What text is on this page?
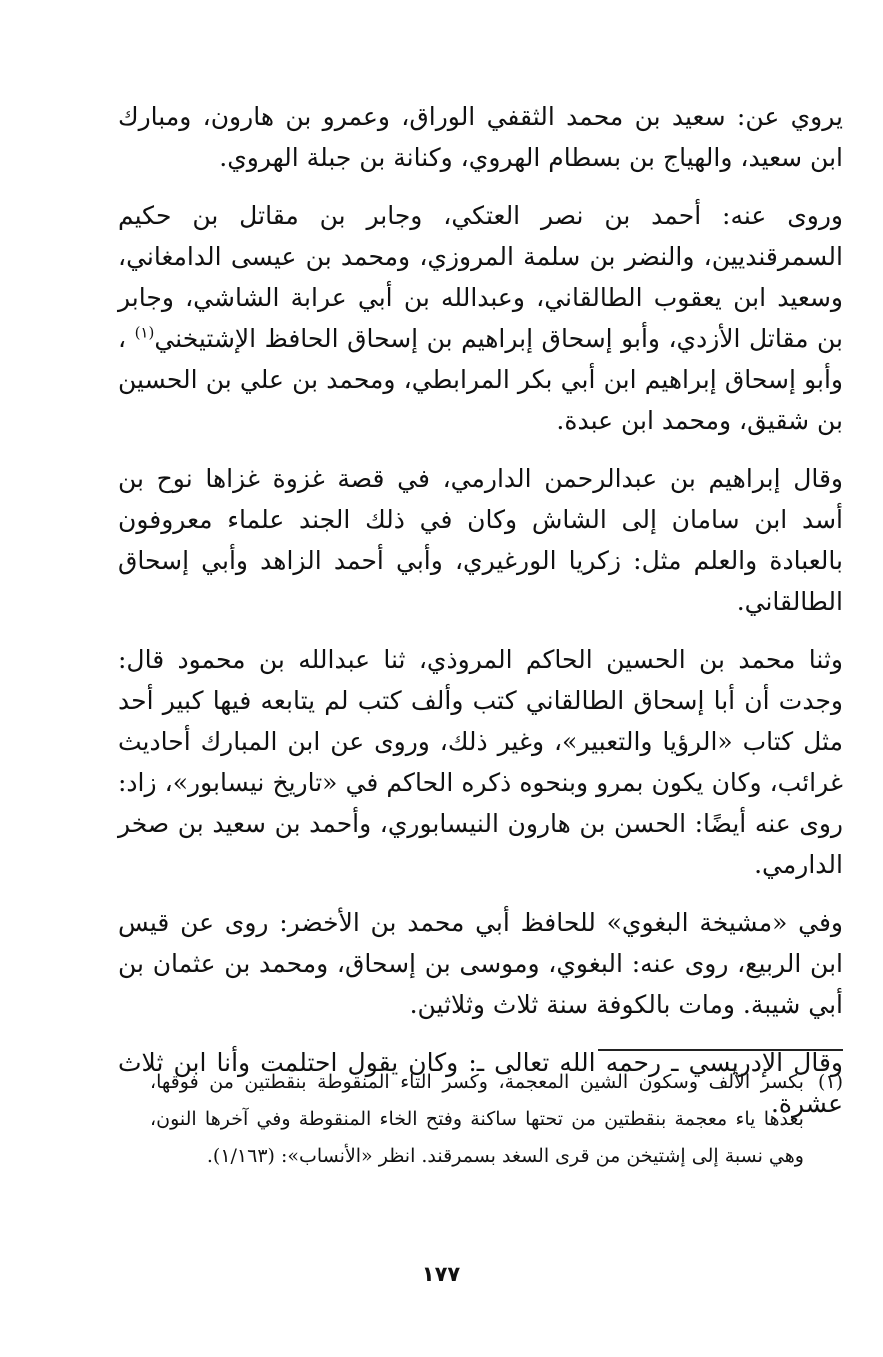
يروي عن: سعيد بن محمد الثقفي الوراق، وعمرو بن هارون، ومبارك ابن سعيد، والهياج بن بسطام الهروي، وكنانة بن جبلة الهروي.

وروى عنه: أحمد بن نصر العتكي، وجابر بن مقاتل بن حكيم السمرقنديين، والنضر بن سلمة المروزي، ومحمد بن عيسى الدامغاني، وسعيد ابن يعقوب الطالقاني، وعبدالله بن أبي عرابة الشاشي، وجابر بن مقاتل الأزدي، وأبو إسحاق إبراهيم بن إسحاق الحافظ الإشتيخني$^{(١)}$ ، وأبو إسحاق إبراهيم ابن أبي بكر المرابطي، ومحمد بن علي بن الحسين بن شقيق، ومحمد ابن عبدة.

وقال إبراهيم بن عبدالرحمن الدارمي، في قصة غزوة غزاها نوح بن أسد ابن سامان إلى الشاش وكان في ذلك الجند علماء معروفون بالعبادة والعلم مثل: زكريا الورغيري، وأبي أحمد الزاهد وأبي إسحاق الطالقاني.

وثنا محمد بن الحسين الحاكم المروذي، ثنا عبدالله بن محمود قال: وجدت أن أبا إسحاق الطالقاني كتب وألف كتب لم يتابعه فيها كبير أحد مثل كتاب «الرؤيا والتعبير»، وغير ذلك، وروى عن ابن المبارك أحاديث غرائب، وكان يكون بمرو وبنحوه ذكره الحاكم في «تاريخ نيسابور»، زاد: روى عنه أيضًا: الحسن بن هارون النيسابوري، وأحمد بن سعيد بن صخر الدارمي.

وفي «مشيخة البغوي» للحافظ أبي محمد بن الأخضر: روى عن قيس ابن الربيع، روى عنه: البغوي، وموسى بن إسحاق، ومحمد بن عثمان بن أبي شيبة. ومات بالكوفة سنة ثلاث وثلاثين.

وقال الإدريسي ـ رحمه الله تعالى ـ: وكان يقول احتلمت وأنا ابن ثلاث عشرة.

(١)
بكسر الألف وسكون الشين المعجمة، وكسر التاء المنقوطة بنقطتين من فوقها، بعدها ياء معجمة بنقطتين من تحتها ساكنة وفتح الخاء المنقوطة وفي آخرها النون، وهي نسبة إلى إشتيخن من قرى السغد بسمرقند. انظر «الأنساب»: (١/١٦٣).

١٧٧
